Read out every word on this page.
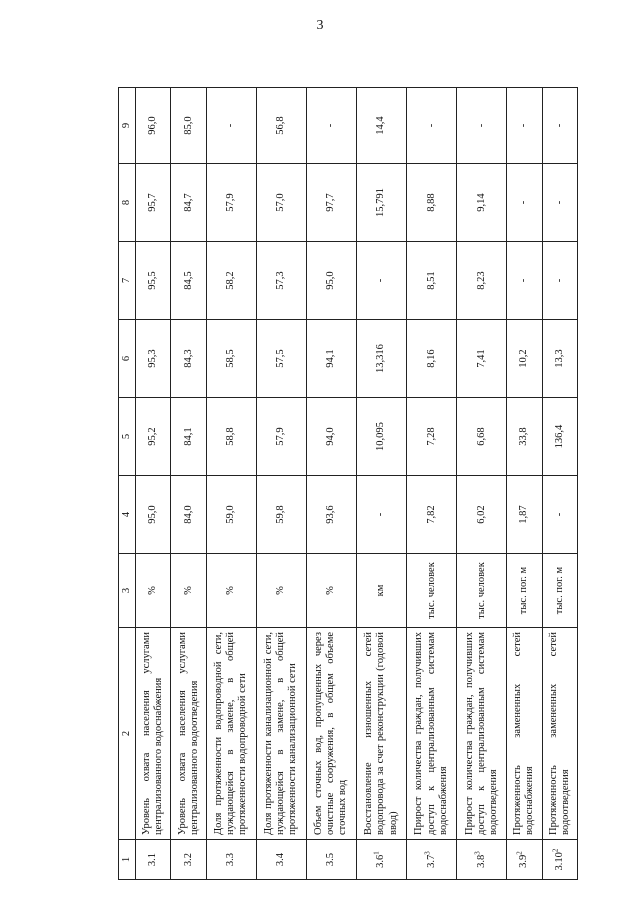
3
1	2	3	4	5	6	7	8	9
3.1	Уровень охвата населения услугами централизованного водоснабжения	%	95,0	95,2	95,3	95,5	95,7	96,0
3.2	Уровень охвата населения услугами централизованного водоотведения	%	84,0	84,1	84,3	84,5	84,7	85,0
3.3	Доля протяженности водопроводной сети, нуждающейся в замене, в общей протяженности водопроводной сети	%	59,0	58,8	58,5	58,2	57,9	-
3.4	Доля протяженности канализационной сети, нуждающейся в замене, в общей протяженности канализационной сети	%	59,8	57,9	57,5	57,3	57,0	56,8
3.5	Объем сточных вод, пропущенных через очистные сооружения, в общем объеме сточных вод	%	93,6	94,0	94,1	95,0	97,7	-
$3.6^1$	Восстановление изношенных сетей водопровода за счет реконструкции (годовой ввод)	км	-	10,095	13,316	-	15,791	14,4
$3.7^3$	Прирост количества граждан, получивших доступ к централизованным системам водоснабжения	тыс. человек	7,82	7,28	8,16	8,51	8,88	-
$3.8^3$	Прирост количества граждан, получивших доступ к централизованным системам водоотведения	тыс. человек	6,02	6,68	7,41	8,23	9,14	-
$3.9^2$	Протяженность замененных сетей водоснабжения	тыс. пог. м	1,87	33,8	10,2	-	-	-
3.10$^2$	Протяженность замененных сетей водоотведения	тыс. пог. м	-	136,4	13,3	-	-	-
